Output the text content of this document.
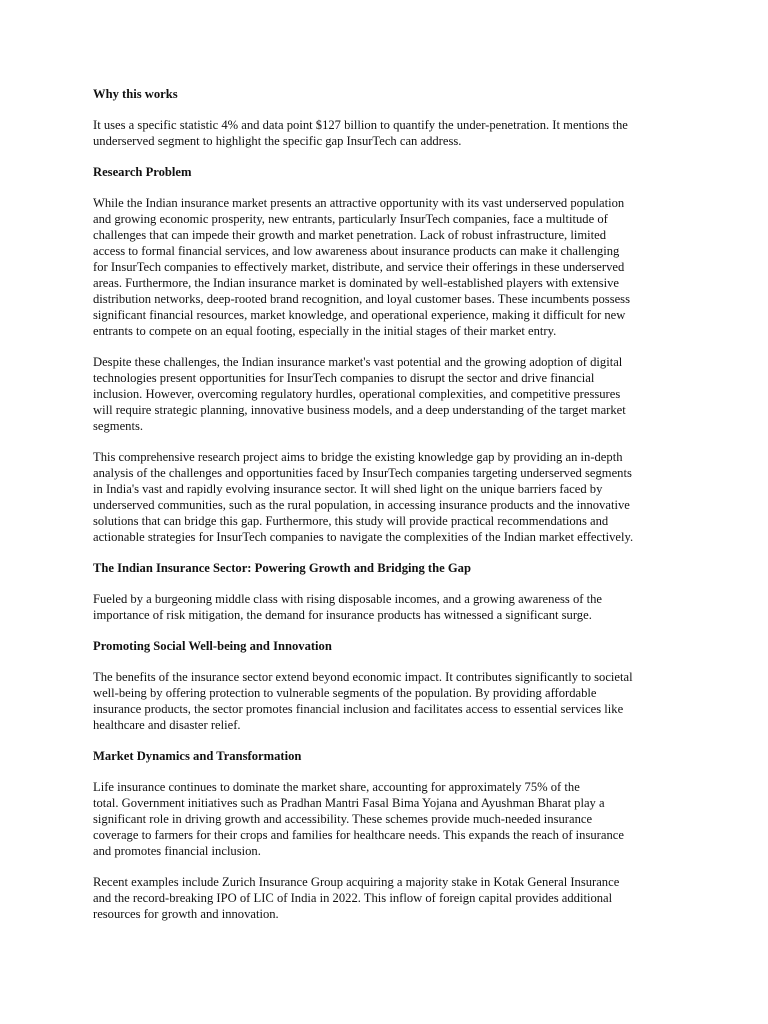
Why this works
It uses a specific statistic 4% and data point $127 billion to quantify the under-penetration. It mentions the
underserved segment to highlight the specific gap InsurTech can address.
Research Problem
While the Indian insurance market presents an attractive opportunity with its vast underserved population
and growing economic prosperity, new entrants, particularly InsurTech companies, face a multitude of
challenges that can impede their growth and market penetration. Lack of robust infrastructure, limited
access to formal financial services, and low awareness about insurance products can make it challenging
for InsurTech companies to effectively market, distribute, and service their offerings in these underserved
areas. Furthermore, the Indian insurance market is dominated by well-established players with extensive
distribution networks, deep-rooted brand recognition, and loyal customer bases. These incumbents possess
significant financial resources, market knowledge, and operational experience, making it difficult for new
entrants to compete on an equal footing, especially in the initial stages of their market entry.
Despite these challenges, the Indian insurance market's vast potential and the growing adoption of digital
technologies present opportunities for InsurTech companies to disrupt the sector and drive financial
inclusion. However, overcoming regulatory hurdles, operational complexities, and competitive pressures
will require strategic planning, innovative business models, and a deep understanding of the target market
segments.
This comprehensive research project aims to bridge the existing knowledge gap by providing an in-depth
analysis of the challenges and opportunities faced by InsurTech companies targeting underserved segments
in India's vast and rapidly evolving insurance sector. It will shed light on the unique barriers faced by
underserved communities, such as the rural population, in accessing insurance products and the innovative
solutions that can bridge this gap. Furthermore, this study will provide practical recommendations and
actionable strategies for InsurTech companies to navigate the complexities of the Indian market effectively.
The Indian Insurance Sector: Powering Growth and Bridging the Gap
Fueled by a burgeoning middle class with rising disposable incomes, and a growing awareness of the
importance of risk mitigation, the demand for insurance products has witnessed a significant surge.
Promoting Social Well-being and Innovation
The benefits of the insurance sector extend beyond economic impact. It contributes significantly to societal
well-being by offering protection to vulnerable segments of the population. By providing affordable
insurance products, the sector promotes financial inclusion and facilitates access to essential services like
healthcare and disaster relief.
Market Dynamics and Transformation
Life insurance continues to dominate the market share, accounting for approximately 75% of the
total. Government initiatives such as Pradhan Mantri Fasal Bima Yojana and Ayushman Bharat play a
significant role in driving growth and accessibility. These schemes provide much-needed insurance
coverage to farmers for their crops and families for healthcare needs. This expands the reach of insurance
and promotes financial inclusion.
Recent examples include Zurich Insurance Group acquiring a majority stake in Kotak General Insurance
and the record-breaking IPO of LIC of India in 2022. This inflow of foreign capital provides additional
resources for growth and innovation.
